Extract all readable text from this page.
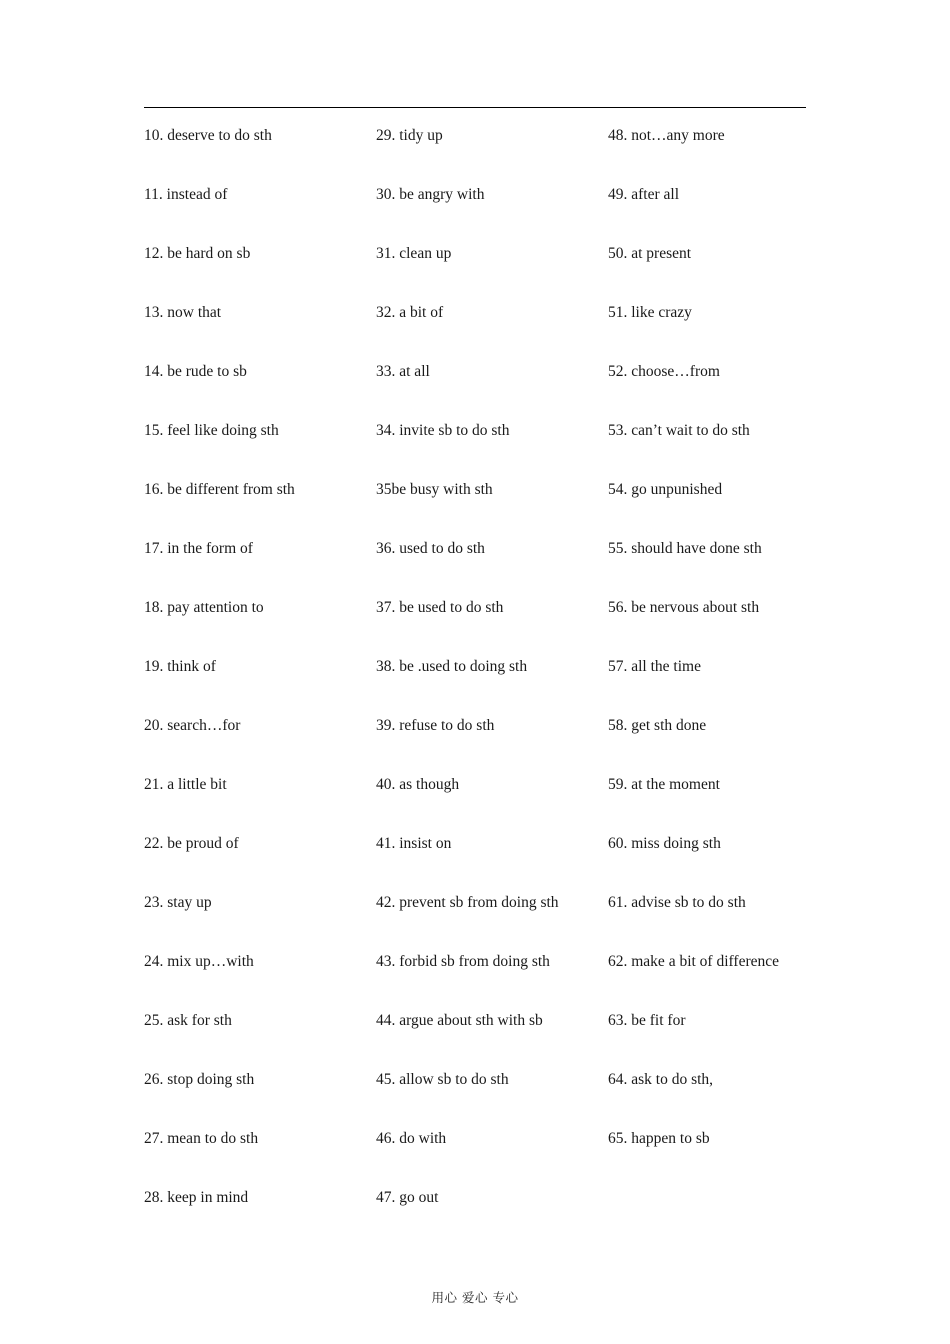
10. deserve to do sth
11. instead of
12. be hard on sb
13. now that
14. be rude to sb
15. feel like doing sth
16. be different from sth
17. in the form of
18. pay attention to
19. think of
20. search…for
21. a little bit
22. be proud of
23. stay up
24. mix up…with
25. ask for sth
26. stop doing sth
27. mean to do sth
28. keep in mind
29. tidy up
30. be angry with
31. clean up
32. a bit of
33. at all
34. invite sb to do sth
35be busy with sth
36. used to do sth
37. be used to do sth
38. be .used to doing sth
39. refuse to do sth
40. as though
41. insist on
42. prevent sb from doing sth
43. forbid sb from doing sth
44. argue about sth with sb
45. allow sb to do sth
46. do with
47. go out
48. not…any more
49. after all
50. at present
51. like crazy
52. choose…from
53. can’t wait to do sth
54. go unpunished
55. should have done sth
56. be nervous about sth
57. all the time
58. get sth done
59. at the moment
60. miss doing sth
61. advise sb to do sth
62. make a bit of difference
63. be fit for
64. ask to do sth,
65. happen to sb
用心 爱心 专心
